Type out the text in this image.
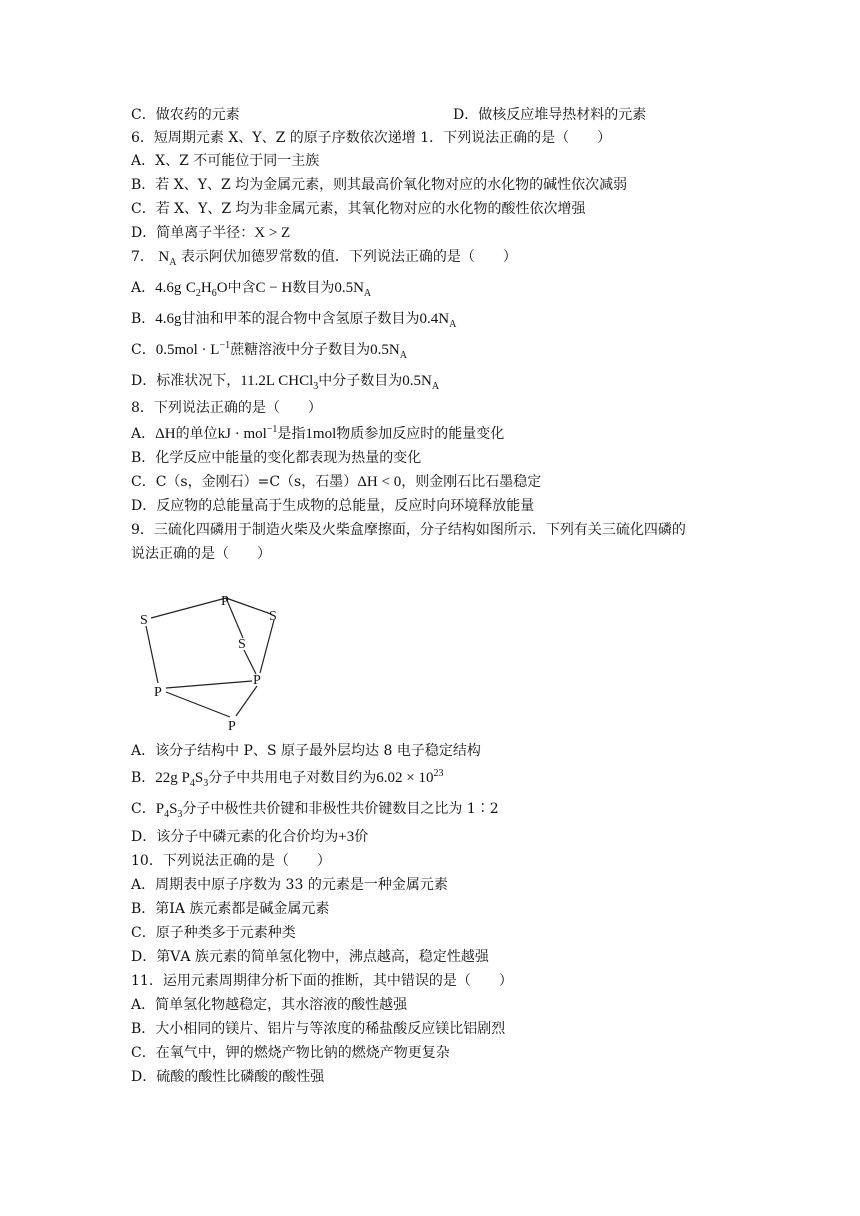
C．做农药的元素	D．做核反应堆导热材料的元素
6．短周期元素 X、Y、Z 的原子序数依次递增 1．下列说法正确的是（　　）
A．X、Z 不可能位于同一主族
B．若 X、Y、Z 均为金属元素，则其最高价氧化物对应的水化物的碱性依次减弱
C．若 X、Y、Z 均为非金属元素，其氧化物对应的水化物的酸性依次增强
D．简单离子半径：X > Z
7． $N_A$ 表示阿伏加德罗常数的值．下列说法正确的是（　　）
A．4.6g $C_2H_6O$中含C − H数目为$0.5N_A$
B．4.6g甘油和甲苯的混合物中含氢原子数目为$0.4N_A$
C．$0.5mol \cdot L^{-1}$蔗糖溶液中分子数目为$0.5N_A$
D．标准状况下，11.2L CHCl$_3$中分子数目为$0.5N_A$
8．下列说法正确的是（　　）
A．ΔH的单位kJ · mol$^{-1}$是指1mol物质参加反应时的能量变化
B．化学反应中能量的变化都表现为热量的变化
C．C（s，金刚石）=C（s，石墨）ΔH < 0，则金刚石比石墨稳定
D．反应物的总能量高于生成物的总能量，反应时向环境释放能量
9．三硫化四磷用于制造火柴及火柴盒摩擦面，分子结构如图所示．下列有关三硫化四磷的
说法正确的是（　　）
P
S	S
S
P
P
P
A．该分子结构中 P、S 原子最外层均达 8 电子稳定结构
B．22g $P_4S_3$分子中共用电子对数目约为$6.02 \times 10^{23}$
C．$P_4S_3$分子中极性共价键和非极性共价键数目之比为 1∶2
D．该分子中磷元素的化合价均为+3价
10．下列说法正确的是（　　）
A．周期表中原子序数为 33 的元素是一种金属元素
B．第ⅠA 族元素都是碱金属元素
C．原子种类多于元素种类
D．第ⅤA 族元素的简单氢化物中，沸点越高，稳定性越强
11．运用元素周期律分析下面的推断，其中错误的是（　　）
A．简单氢化物越稳定，其水溶液的酸性越强
B．大小相同的镁片、铝片与等浓度的稀盐酸反应镁比铝剧烈
C．在氧气中，钾的燃烧产物比钠的燃烧产物更复杂
D．硫酸的酸性比磷酸的酸性强
